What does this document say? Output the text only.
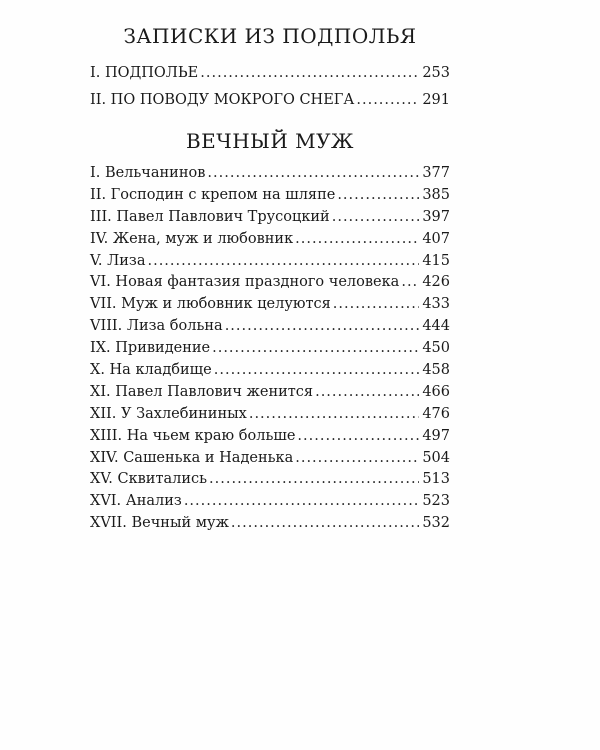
ЗАПИСКИ ИЗ ПОДПОЛЬЯ
I. ПОДПОЛЬЕ .....	253
II. ПО ПОВОДУ МОКРОГО СНЕГА .....	291
ВЕЧНЫЙ МУЖ
I. Вельчанинов .....	377
II. Господин с крепом на шляпе .....	385
III. Павел Павлович Трусоцкий .....	397
IV. Жена, муж и любовник .....	407
V. Лиза .....	415
VI. Новая фантазия праздного человека ..... 426
VII. Муж и любовник целуются .....	433
VIII. Лиза больна .....	444
IX. Привидение .....	450
X. На кладбище .....	458
XI. Павел Павлович женится .....	466
XII. У Захлебининых .....	476
XIII. На чьем краю больше .....	497
XIV. Сашенька и Наденька .....	504
XV. Сквитались .....	513
XVI. Анализ .....	523
XVII. Вечный муж .....	532
